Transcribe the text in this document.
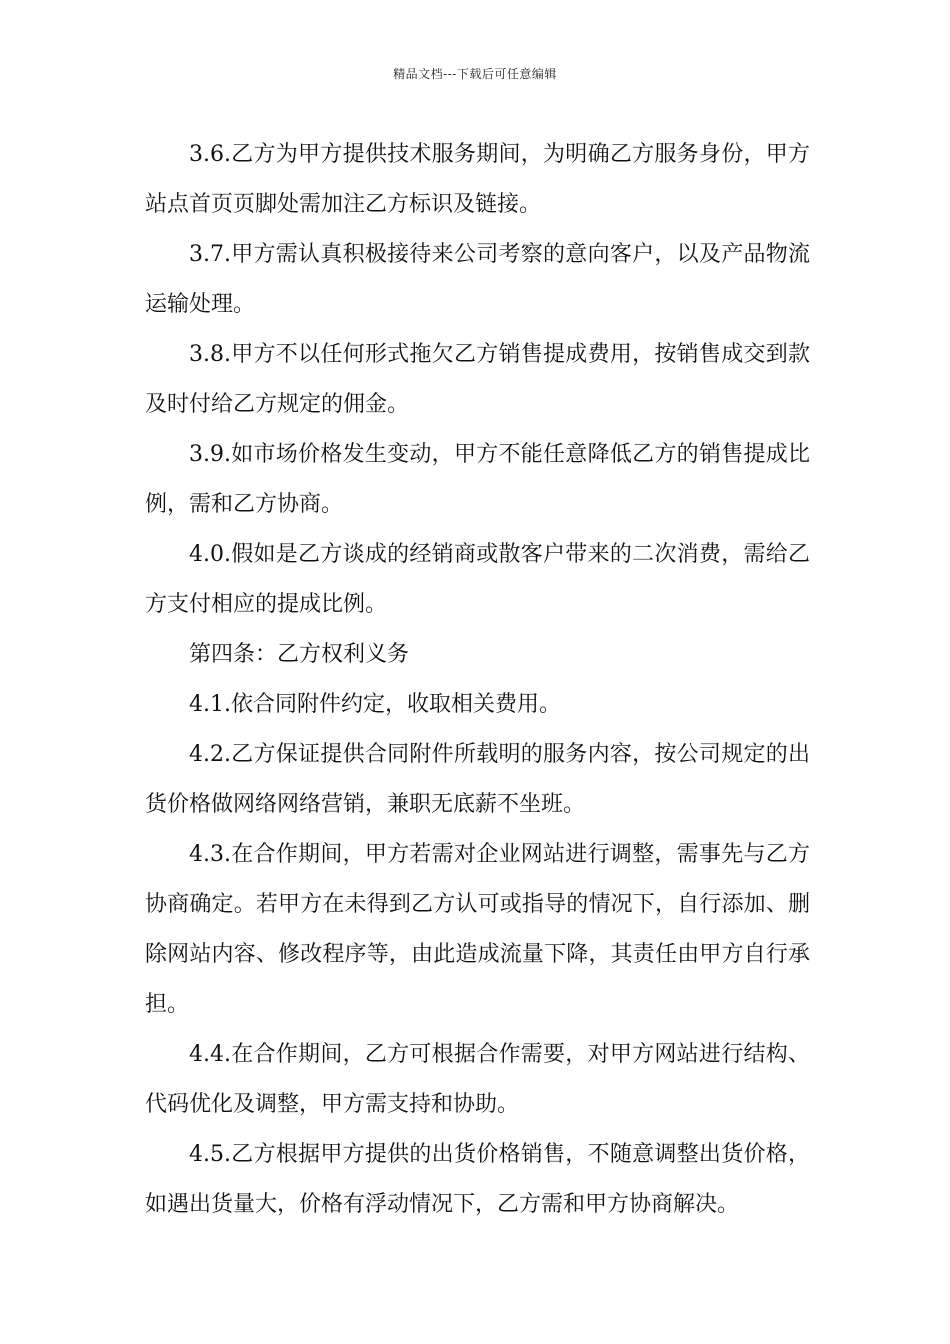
精品文档---下载后可任意编辑

3.6.乙方为甲方提供技术服务期间，为明确乙方服务身份，甲方站点首页页脚处需加注乙方标识及链接。

3.7.甲方需认真积极接待来公司考察的意向客户，以及产品物流运输处理。

3.8.甲方不以任何形式拖欠乙方销售提成费用，按销售成交到款及时付给乙方规定的佣金。

3.9.如市场价格发生变动，甲方不能任意降低乙方的销售提成比例，需和乙方协商。

4.0.假如是乙方谈成的经销商或散客户带来的二次消费，需给乙方支付相应的提成比例。

第四条：乙方权利义务

4.1.依合同附件约定，收取相关费用。

4.2.乙方保证提供合同附件所载明的服务内容，按公司规定的出货价格做网络网络营销，兼职无底薪不坐班。

4.3.在合作期间，甲方若需对企业网站进行调整，需事先与乙方协商确定。若甲方在未得到乙方认可或指导的情况下，自行添加、删除网站内容、修改程序等，由此造成流量下降，其责任由甲方自行承担。

4.4.在合作期间，乙方可根据合作需要，对甲方网站进行结构、代码优化及调整，甲方需支持和协助。

4.5.乙方根据甲方提供的出货价格销售，不随意调整出货价格，如遇出货量大，价格有浮动情况下，乙方需和甲方协商解决。
